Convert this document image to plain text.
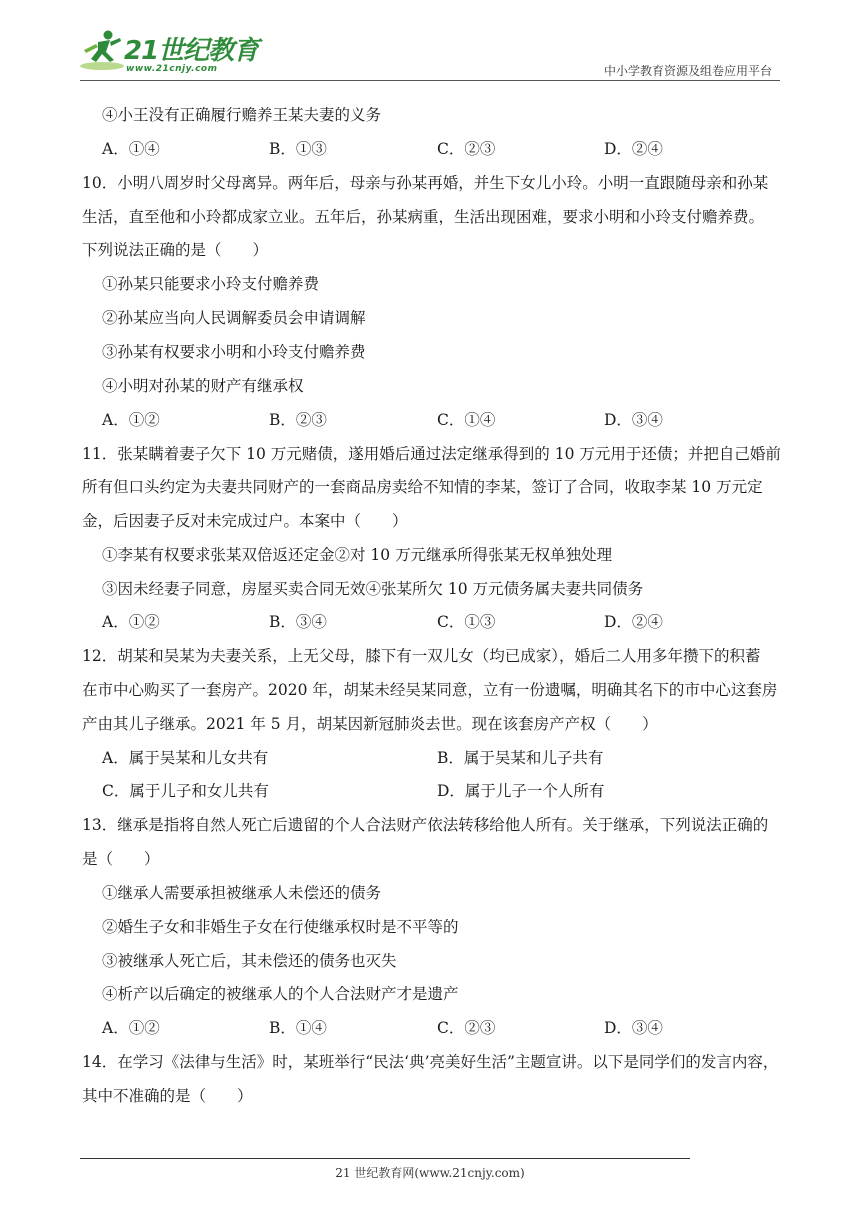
21世纪教育
www.21cnjy.com	中小学教育资源及组卷应用平台
④小王没有正确履行赡养王某夫妻的义务
A．①④	B．①③	C．②③	D．②④
10．小明八周岁时父母离异。两年后，母亲与孙某再婚，并生下女儿小玲。小明一直跟随母亲和孙某
生活，直至他和小玲都成家立业。五年后，孙某病重，生活出现困难，要求小明和小玲支付赡养费。
下列说法正确的是（　　）
①孙某只能要求小玲支付赡养费
②孙某应当向人民调解委员会申请调解
③孙某有权要求小明和小玲支付赡养费
④小明对孙某的财产有继承权
A．①②	B．②③	C．①④	D．③④
11．张某瞒着妻子欠下 10 万元赌债，遂用婚后通过法定继承得到的 10 万元用于还债；并把自己婚前
所有但口头约定为夫妻共同财产的一套商品房卖给不知情的李某，签订了合同，收取李某 10 万元定
金，后因妻子反对未完成过户。本案中（　　）
①李某有权要求张某双倍返还定金②对 10 万元继承所得张某无权单独处理
③因未经妻子同意，房屋买卖合同无效④张某所欠 10 万元债务属夫妻共同债务
A．①②	B．③④	C．①③	D．②④
12．胡某和吴某为夫妻关系，上无父母，膝下有一双儿女（均已成家），婚后二人用多年攒下的积蓄
在市中心购买了一套房产。2020 年，胡某未经吴某同意，立有一份遗嘱，明确其名下的市中心这套房
产由其儿子继承。2021 年 5 月，胡某因新冠肺炎去世。现在该套房产产权（　　）
A．属于吴某和儿女共有	B．属于吴某和儿子共有
C．属于儿子和女儿共有	D．属于儿子一个人所有
13．继承是指将自然人死亡后遗留的个人合法财产依法转移给他人所有。关于继承，下列说法正确的
是（　　）
①继承人需要承担被继承人未偿还的债务
②婚生子女和非婚生子女在行使继承权时是不平等的
③被继承人死亡后，其未偿还的债务也灭失
④析产以后确定的被继承人的个人合法财产才是遗产
A．①②	B．①④	C．②③	D．③④
14．在学习《法律与生活》时，某班举行“民法‘典’亮美好生活”主题宣讲。以下是同学们的发言内容，
其中不准确的是（　　）
21 世纪教育网(www.21cnjy.com)
